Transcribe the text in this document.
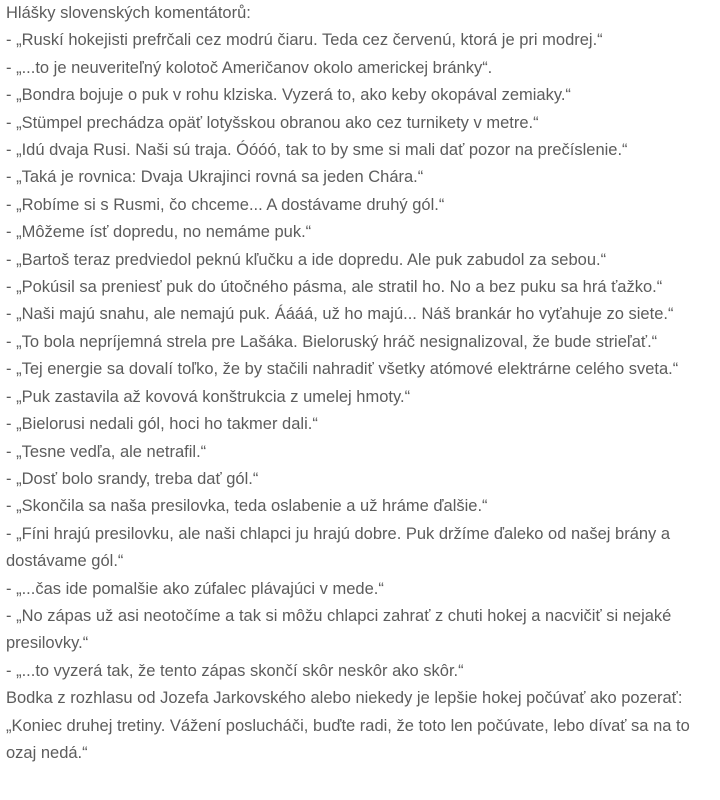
Hlášky slovenských komentátorů:

- „Ruskí hokejisti prefrčali cez modrú čiaru. Teda cez červenú, ktorá je pri modrej.“

- „...to je neuveriteľný kolotoč Američanov okolo americkej bránky“.

- „Bondra bojuje o puk v rohu klziska. Vyzerá to, ako keby okopával zemiaky.“

- „Stümpel prechádza opäť lotyšskou obranou ako cez turnikety v metre.“

- „Idú dvaja Rusi. Naši sú traja. Óóóó, tak to by sme si mali dať pozor na prečíslenie.“

- „Taká je rovnica: Dvaja Ukrajinci rovná sa jeden Chára.“

- „Robíme si s Rusmi, čo chceme... A dostávame druhý gól.“

- „Môžeme ísť dopredu, no nemáme puk.“

- „Bartoš teraz predviedol peknú kľučku a ide dopredu. Ale puk zabudol za sebou.“

- „Pokúsil sa preniesť puk do útočného pásma, ale stratil ho. No a bez puku sa hrá ťažko.“

- „Naši majú snahu, ale nemajú puk. Áááá, už ho majú... Náš brankár ho vyťahuje zo siete.“

- „To bola nepríjemná strela pre Lašáka. Bieloruský hráč nesignalizoval, že bude strieľať.“

- „Tej energie sa dovalí toľko, že by stačili nahradiť všetky atómové elektrárne celého sveta.“

- „Puk zastavila až kovová konštrukcia z umelej hmoty.“

- „Bielorusi nedali gól, hoci ho takmer dali.“

- „Tesne vedľa, ale netrafil.“

- „Dosť bolo srandy, treba dať gól.“

- „Skončila sa naša presilovka, teda oslabenie a už hráme ďalšie.“

- „Fíni hrajú presilovku, ale naši chlapci ju hrajú dobre. Puk držíme ďaleko od našej brány a dostávame gól.“

- „...čas ide pomalšie ako zúfalec plávajúci v mede.“

- „No zápas už asi neotočíme a tak si môžu chlapci zahrať z chuti hokej a nacvičiť si nejaké presilovky.“

- „...to vyzerá tak, že tento zápas skončí skôr neskôr ako skôr.“

Bodka z rozhlasu od Jozefa Jarkovského alebo niekedy je lepšie hokej počúvať ako pozerať: „Koniec druhej tretiny. Vážení poslucháči, buďte radi, že toto len počúvate, lebo dívať sa na to ozaj nedá.“
